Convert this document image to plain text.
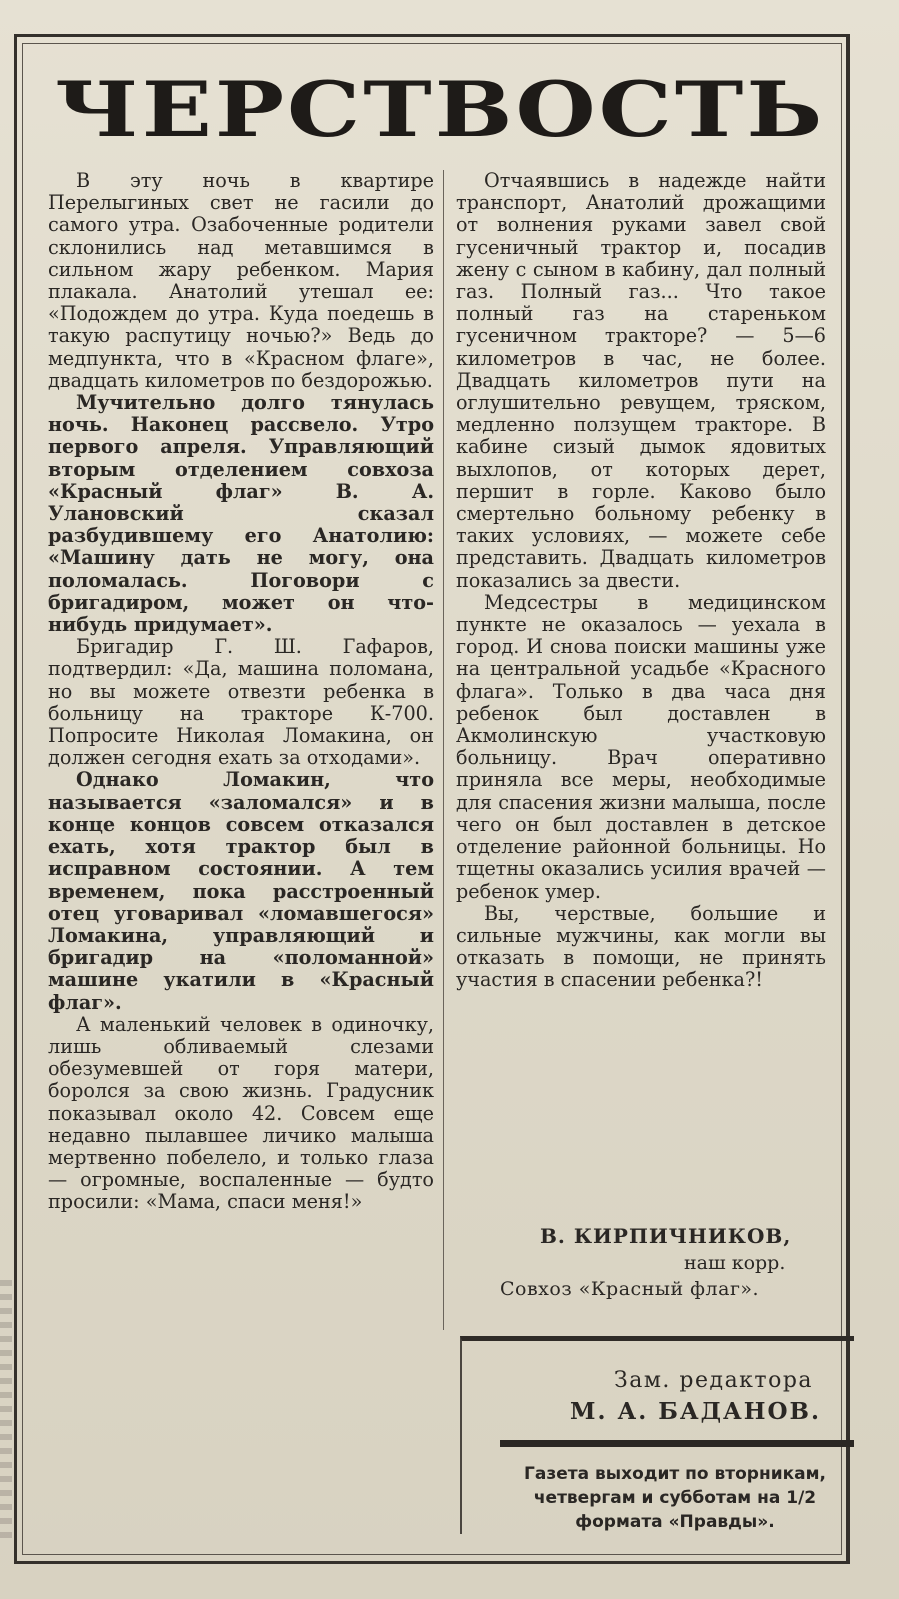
ЧЕРСТВОСТЬ

В эту ночь в квартире Перелыгиных свет не гасили до самого утра. Озабоченные родители склонились над метавшимся в сильном жару ребенком. Мария плакала. Анатолий утешал ее: «Подождем до утра. Куда поедешь в такую распутицу ночью?» Ведь до медпункта, что в «Красном флаге», двадцать километров по бездорожью.

Мучительно долго тянулась ночь. Наконец рассвело. Утро первого апреля. Управляющий вторым отделением совхоза «Красный флаг» В. А. Улановский сказал разбудившему его Анатолию: «Машину дать не могу, она поломалась. Поговори с бригадиром, может он что-нибудь придумает».

Бригадир Г. Ш. Гафаров, подтвердил: «Да, машина поломана, но вы можете отвезти ребенка в больницу на тракторе К-700. Попросите Николая Ломакина, он должен сегодня ехать за отходами».

Однако Ломакин, что называется «заломался» и в конце концов совсем отказался ехать, хотя трактор был в исправном состоянии. А тем временем, пока расстроенный отец уговаривал «ломавшегося» Ломакина, управляющий и бригадир на «поломанной» машине укатили в «Красный флаг».

А маленький человек в одиночку, лишь обливаемый слезами обезумевшей от горя матери, боролся за свою жизнь. Градусник показывал около 42. Совсем еще недавно пылавшее личико малыша мертвенно побелело, и только глаза — огромные, воспаленные — будто просили: «Мама, спаси меня!»

Отчаявшись в надежде найти транспорт, Анатолий дрожащими от волнения руками завел свой гусеничный трактор и, посадив жену с сыном в кабину, дал полный газ. Полный газ... Что такое полный газ на стареньком гусеничном тракторе? — 5—6 километров в час, не более. Двадцать километров пути на оглушительно ревущем, тряском, медленно ползущем тракторе. В кабине сизый дымок ядовитых выхлопов, от которых дерет, першит в горле. Каково было смертельно больному ребенку в таких условиях, — можете себе представить. Двадцать километров показались за двести.

Медсестры в медицинском пункте не оказалось — уехала в город. И снова поиски машины уже на центральной усадьбе «Красного флага». Только в два часа дня ребенок был доставлен в Акмолинскую участковую больницу. Врач оперативно приняла все меры, необходимые для спасения жизни малыша, после чего он был доставлен в детское отделение районной больницы. Но тщетны оказались усилия врачей — ребенок умер.

Вы, черствые, большие и сильные мужчины, как могли вы отказать в помощи, не принять участия в спасении ребенка?!

В. КИРПИЧНИКОВ,
наш корр.
Совхоз «Красный флаг».
Зам. редактора
М. А. БАДАНОВ.
Газета выходит по вторникам, четвергам и субботам на 1/2 формата «Правды».
